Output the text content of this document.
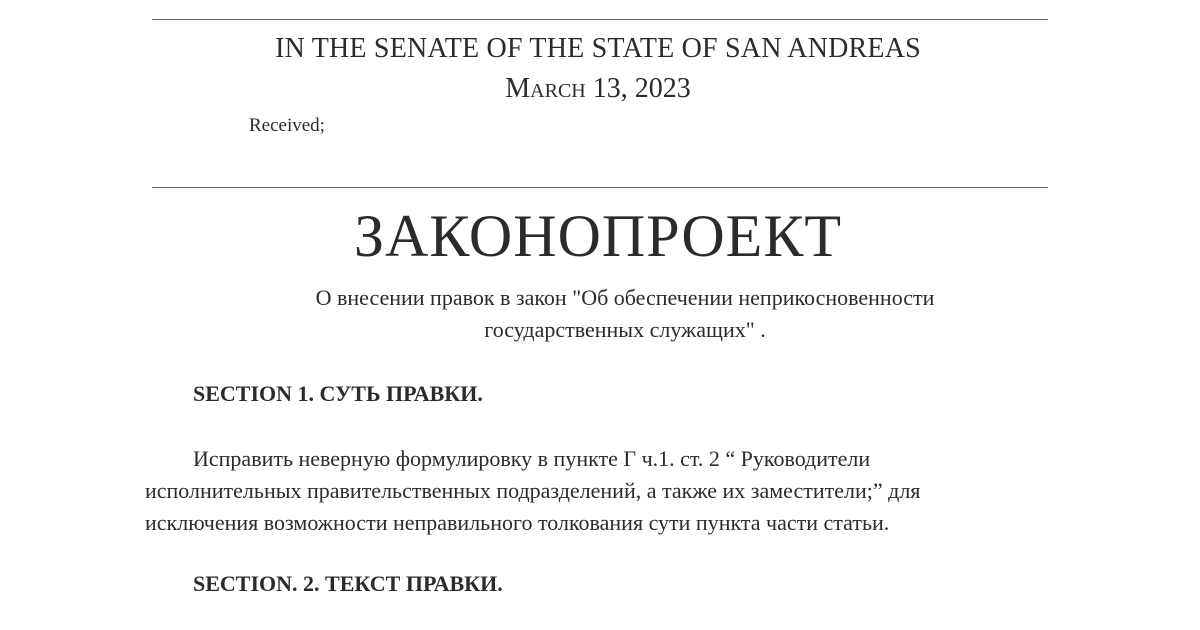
IN THE SENATE OF THE STATE OF SAN ANDREAS
March 13, 2023
Received;
ЗАКОНОПРОЕКТ
О внесении правок в закон "Об обеспечении неприкосновенности
государственных служащих" .
SECTION 1. СУТЬ ПРАВКИ.
Исправить неверную формулировку в пункте Г ч.1. ст. 2 “ Руководители
исполнительных правительственных подразделений, а также их заместители;” для
исключения возможности неправильного толкования сути пункта части статьи.
SECTION. 2. ТЕКСТ ПРАВКИ.
